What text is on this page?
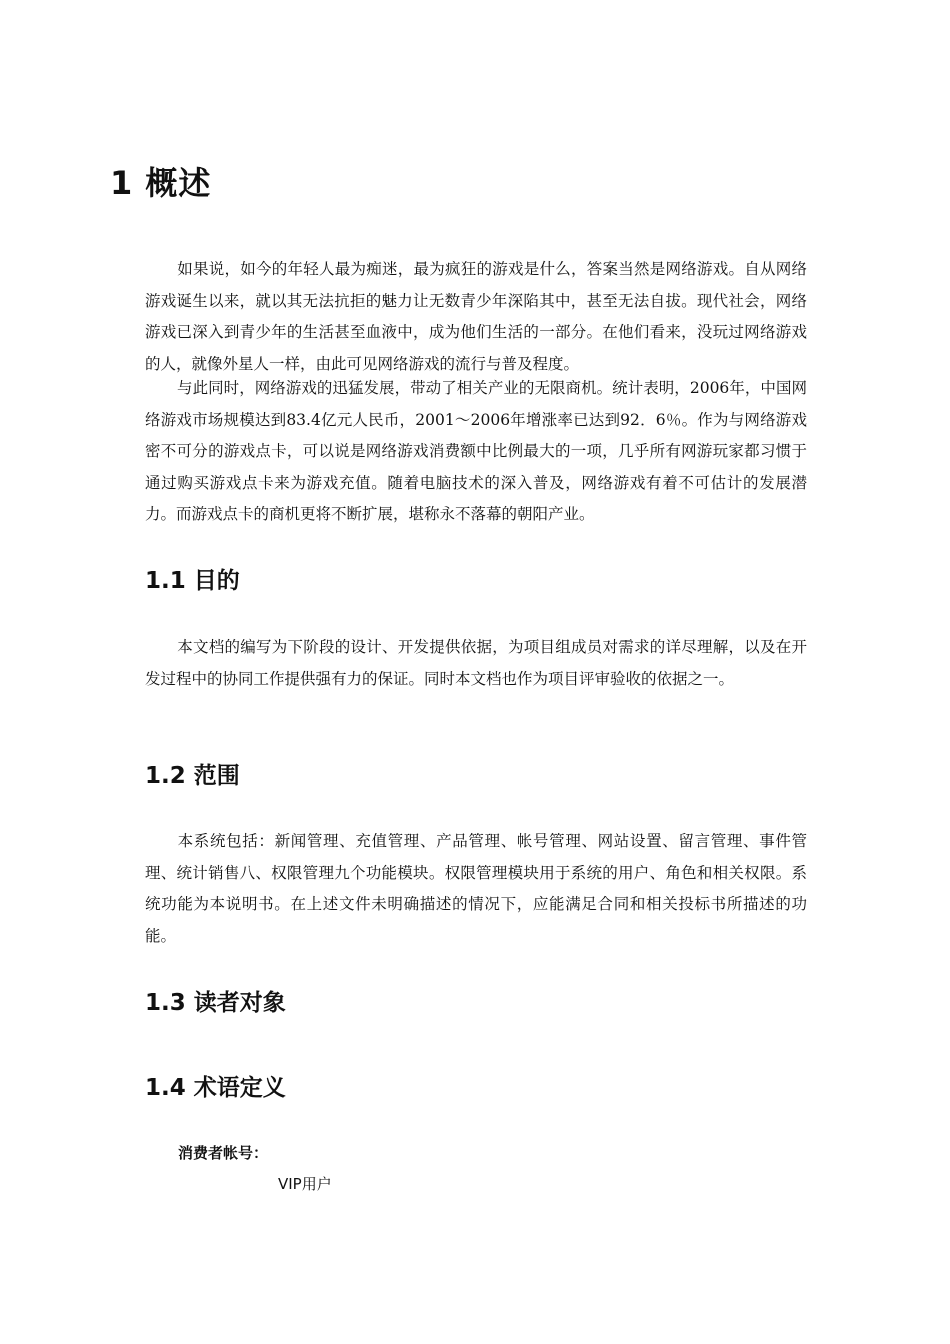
1 概述

如果说，如今的年轻人最为痴迷，最为疯狂的游戏是什么，答案当然是网络游戏。自从网络游戏诞生以来，就以其无法抗拒的魅力让无数青少年深陷其中，甚至无法自拔。现代社会，网络游戏已深入到青少年的生活甚至血液中，成为他们生活的一部分。在他们看来，没玩过网络游戏的人，就像外星人一样，由此可见网络游戏的流行与普及程度。

与此同时，网络游戏的迅猛发展，带动了相关产业的无限商机。统计表明，2006年，中国网络游戏市场规模达到83.4亿元人民币，2001～2006年增涨率已达到92．6％。作为与网络游戏密不可分的游戏点卡，可以说是网络游戏消费额中比例最大的一项，几乎所有网游玩家都习惯于通过购买游戏点卡来为游戏充值。随着电脑技术的深入普及，网络游戏有着不可估计的发展潜力。而游戏点卡的商机更将不断扩展，堪称永不落幕的朝阳产业。

1.1 目的

本文档的编写为下阶段的设计、开发提供依据，为项目组成员对需求的详尽理解，以及在开发过程中的协同工作提供强有力的保证。同时本文档也作为项目评审验收的依据之一。

1.2 范围

本系统包括：新闻管理、充值管理、产品管理、帐号管理、网站设置、留言管理、事件管理、统计销售八、权限管理九个功能模块。权限管理模块用于系统的用户、角色和相关权限。系统功能为本说明书。在上述文件未明确描述的情况下，应能满足合同和相关投标书所描述的功能。

1.3 读者对象
1.4 术语定义
消费者帐号：
VIP用户
